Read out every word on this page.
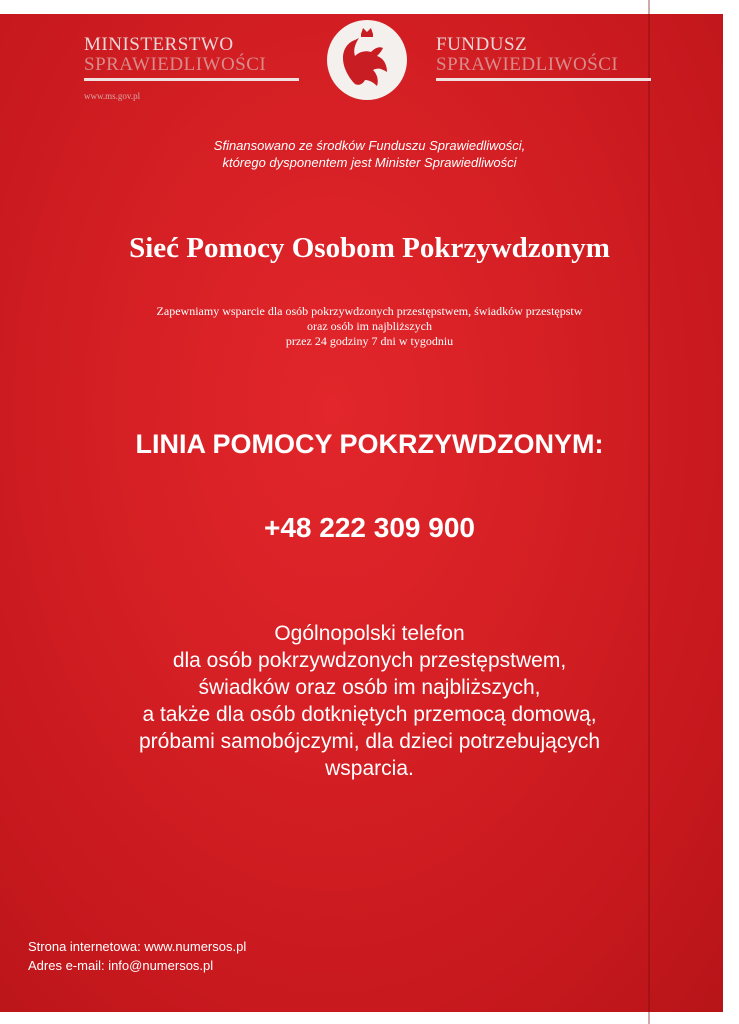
MINISTERSTWO
SPRAWIEDLIWOŚCI
www.ms.gov.pl
FUNDUSZ
SPRAWIEDLIWOŚCI
Sfinansowano ze środków Funduszu Sprawiedliwości,
którego dysponentem jest Minister Sprawiedliwości
Sieć Pomocy Osobom Pokrzywdzonym
Zapewniamy wsparcie dla osób pokrzywdzonych przestępstwem, świadków przestępstw
oraz osób im najbliższych
przez 24 godziny 7 dni w tygodniu
LINIA POMOCY POKRZYWDZONYM:
+48 222 309 900
Ogólnopolski telefon
dla osób pokrzywdzonych przestępstwem,
świadków oraz osób im najbliższych,
a także dla osób dotkniętych przemocą domową,
próbami samobójczymi, dla dzieci potrzebujących
wsparcia.
Strona internetowa: www.numersos.pl
Adres e-mail: info@numersos.pl
